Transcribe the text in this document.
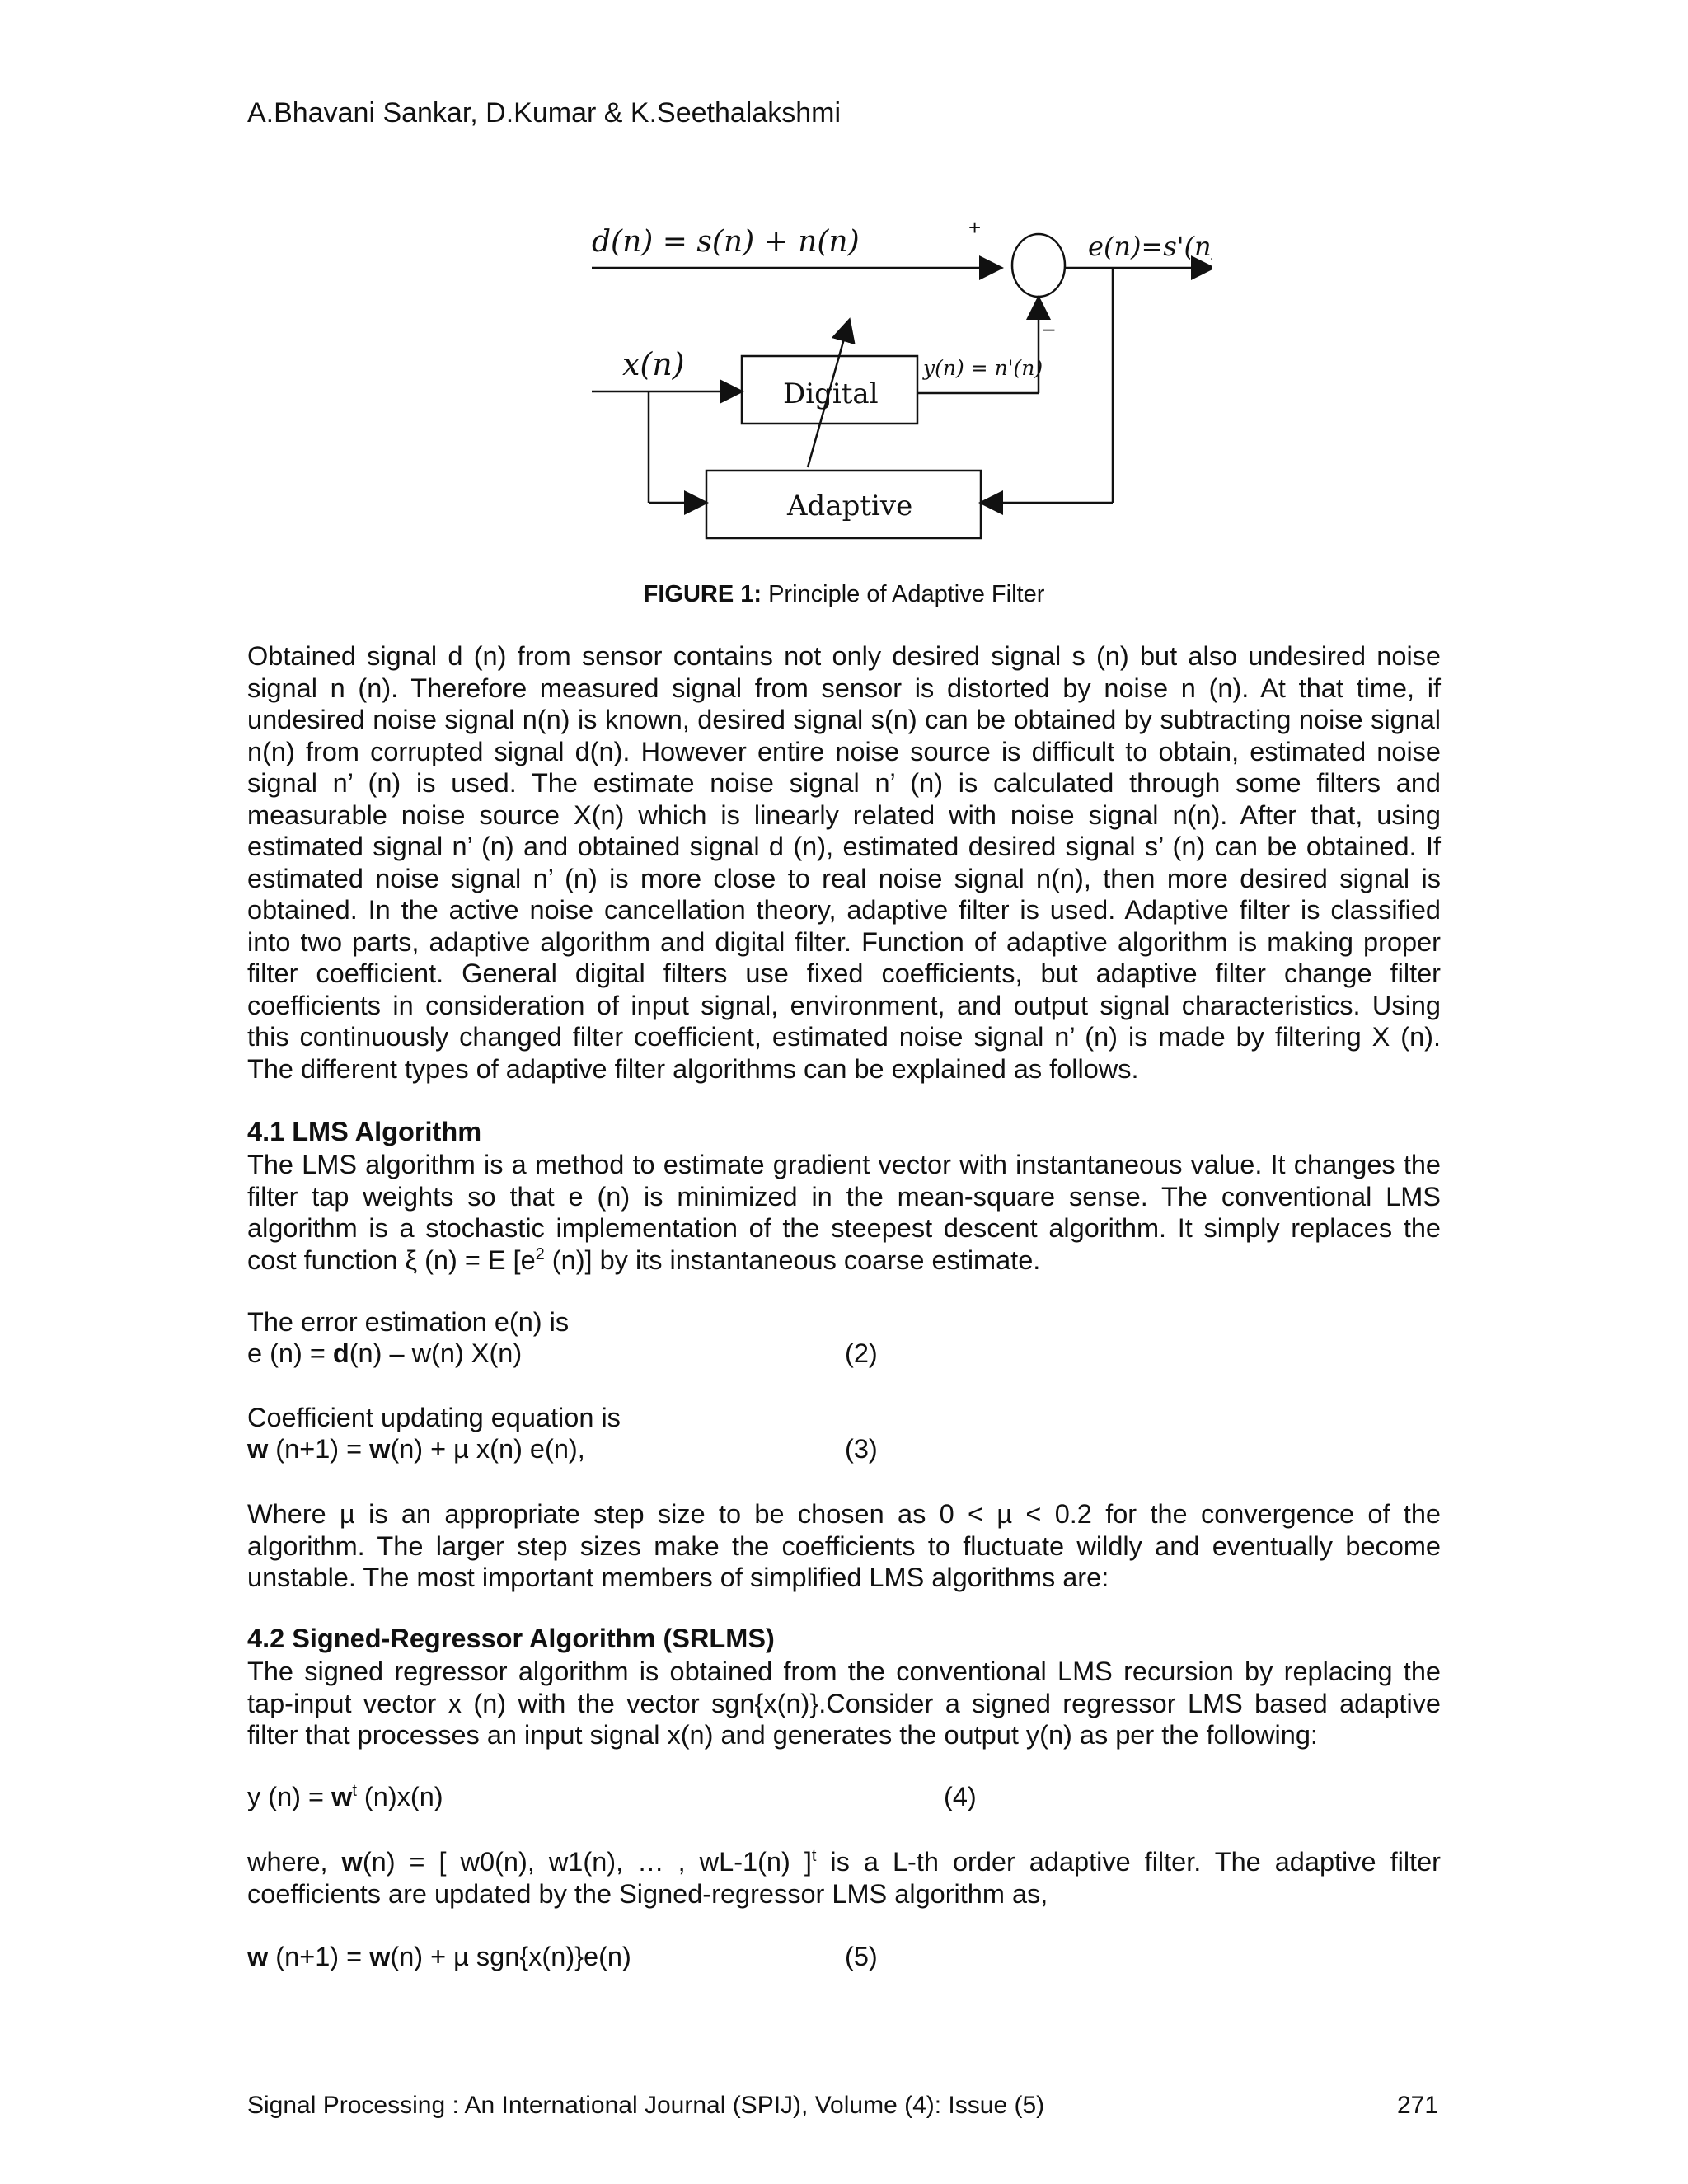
A.Bhavani Sankar, D.Kumar & K.Seethalakshmi
d(n) = s(n) + n(n)	+
–
e(n)=s'(n)
x(n)	y(n) = n'(n)
Digital
Adaptive
FIGURE 1: Principle of Adaptive Filter
Obtained signal d (n) from sensor contains not only desired signal s (n) but also undesired noise signal n (n). Therefore measured signal from sensor is distorted by noise n (n). At that time, if undesired noise signal n(n) is known, desired signal s(n) can be obtained by subtracting noise signal n(n) from corrupted signal d(n). However entire noise source is difficult to obtain, estimated noise signal n’ (n) is used. The estimate noise signal n’ (n) is calculated through some filters and measurable noise source X(n) which is linearly related with noise signal n(n). After that, using estimated signal n’ (n) and obtained signal d (n), estimated desired signal s’ (n) can be obtained. If estimated noise signal n’ (n) is more close to real noise signal n(n), then more desired signal is obtained. In the active noise cancellation theory, adaptive filter is used. Adaptive filter is classified into two parts, adaptive algorithm and digital filter. Function of adaptive algorithm is making proper filter coefficient. General digital filters use fixed coefficients, but adaptive filter change filter coefficients in consideration of input signal, environment, and output signal characteristics. Using this continuously changed filter coefficient, estimated noise signal n’ (n) is made by filtering X (n). The different types of adaptive filter algorithms can be explained as follows.
4.1 LMS Algorithm
The LMS algorithm is a method to estimate gradient vector with instantaneous value. It changes the filter tap weights so that e (n) is minimized in the mean-square sense. The conventional LMS algorithm is a stochastic implementation of the steepest descent algorithm. It simply replaces the cost function ξ (n) = E [$e^2$ (n)] by its instantaneous coarse estimate.
The error estimation e(n) is
e (n) = d(n) – w(n) X(n)	(2)
Coefficient updating equation is
w (n+1) = w(n) + µ x(n) e(n),	(3)
Where µ is an appropriate step size to be chosen as 0 < µ < 0.2 for the convergence of the algorithm. The larger step sizes make the coefficients to fluctuate wildly and eventually become unstable. The most important members of simplified LMS algorithms are:
4.2 Signed-Regressor Algorithm (SRLMS)
The signed regressor algorithm is obtained from the conventional LMS recursion by replacing the tap-input vector x (n) with the vector sgn{x(n)}.Consider a signed regressor LMS based adaptive filter that processes an input signal x(n) and generates the output y(n) as per the following:
y $(n) = w^t$ (n)x(n)	(4)
where, w(n) = [ w0(n), w1(n), … , wL-1(n) ]$^t$ is a L-th order adaptive filter. The adaptive filter coefficients are updated by the Signed-regressor LMS algorithm as,
w (n+1) = w(n) + µ sgn{x(n)}e(n)	(5)
Signal Processing : An International Journal (SPIJ), Volume (4): Issue (5)	271
